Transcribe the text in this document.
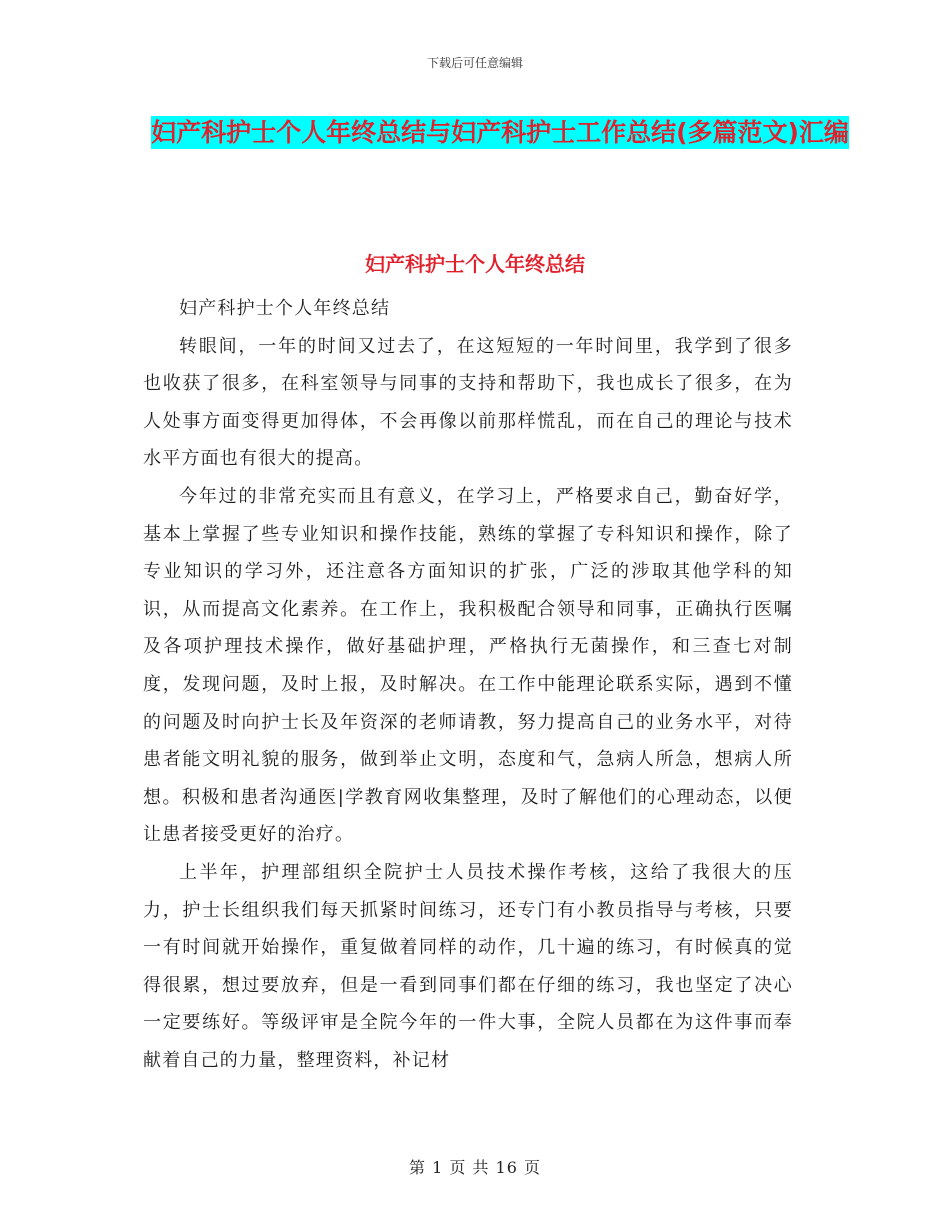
下载后可任意编辑
妇产科护士个人年终总结与妇产科护士工作总结(多篇范文)汇编
妇产科护士个人年终总结

妇产科护士个人年终总结

转眼间，一年的时间又过去了，在这短短的一年时间里，我学到了很多也收获了很多，在科室领导与同事的支持和帮助下，我也成长了很多，在为人处事方面变得更加得体，不会再像以前那样慌乱，而在自己的理论与技术水平方面也有很大的提高。

今年过的非常充实而且有意义，在学习上，严格要求自己，勤奋好学，基本上掌握了些专业知识和操作技能，熟练的掌握了专科知识和操作，除了专业知识的学习外，还注意各方面知识的扩张，广泛的涉取其他学科的知识，从而提高文化素养。在工作上，我积极配合领导和同事，正确执行医嘱及各项护理技术操作，做好基础护理，严格执行无菌操作，和三查七对制度，发现问题，及时上报，及时解决。在工作中能理论联系实际，遇到不懂的问题及时向护士长及年资深的老师请教，努力提高自己的业务水平，对待患者能文明礼貌的服务，做到举止文明，态度和气，急病人所急，想病人所想。积极和患者沟通医|学教育网收集整理，及时了解他们的心理动态，以便让患者接受更好的治疗。

上半年，护理部组织全院护士人员技术操作考核，这给了我很大的压力，护士长组织我们每天抓紧时间练习，还专门有小教员指导与考核，只要一有时间就开始操作，重复做着同样的动作，几十遍的练习，有时候真的觉得很累，想过要放弃，但是一看到同事们都在仔细的练习，我也坚定了决心一定要练好。等级评审是全院今年的一件大事，全院人员都在为这件事而奉献着自己的力量，整理资料，补记材

第 1 页 共 16 页
